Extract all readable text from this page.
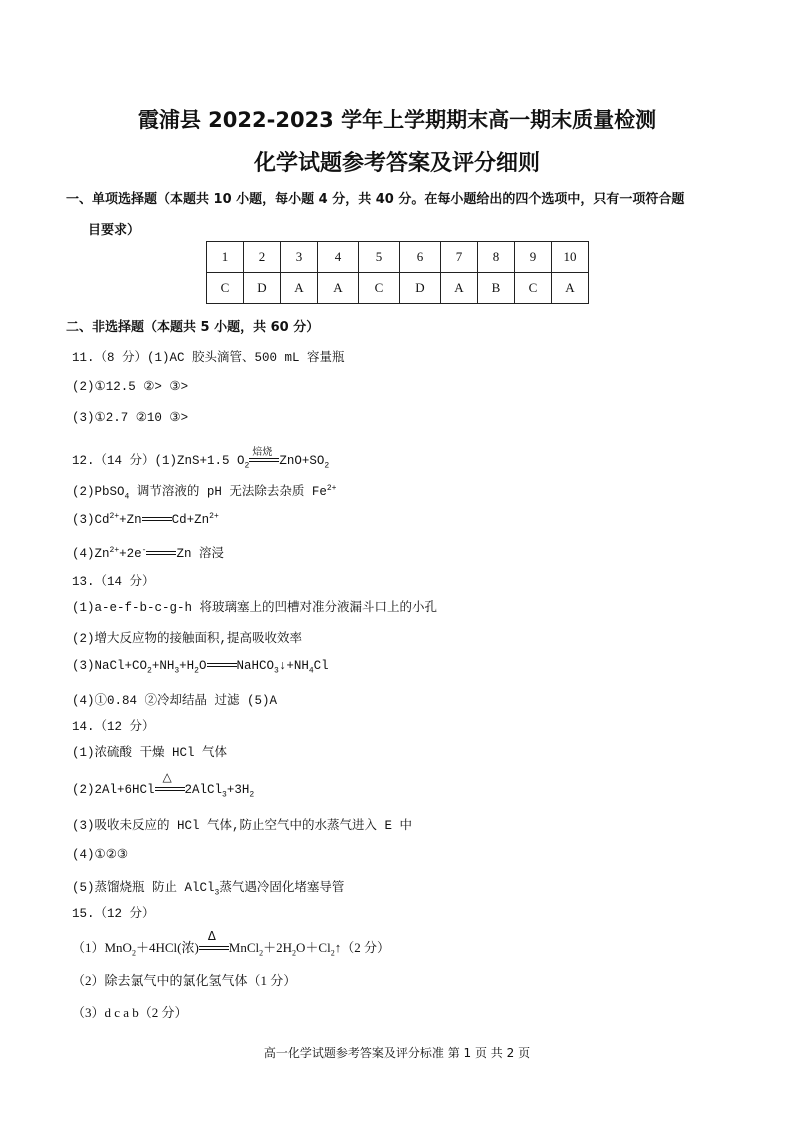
霞浦县 2022-2023 学年上学期期末高一期末质量检测
化学试题参考答案及评分细则
一、单项选择题（本题共 10 小题，每小题 4 分，共 40 分。在每小题给出的四个选项中，只有一项符合题
目要求）
1	2	3	4	5	6	7	8	9	10
C	D	A	A	C	D	A	B	C	A
二、非选择题（本题共 5 小题，共 60 分）
11.（8 分）(1)AC 胶头滴管、500 mL 容量瓶
(2)①12.5 ②> ③>
(3)①2.7 ②10 ③>
12.（14 分）(1)ZnS+1.5 $O_2$
焙烧
$ZnO+SO_2$
(2)PbSO$_4$ 调节溶液的 pH 无法除去杂质 $Fe^{2+}$
$(3)Cd^{2+}+Zn$ $Cd+Zn^{2+}$
$(4)Zn^{2+}+2e^-$ Zn 溶浸
13.（14 分）
(1)a-e-f-b-c-g-h 将玻璃塞上的凹槽对准分液漏斗口上的小孔
(2)增大反应物的接触面积,提高吸收效率
$(3)NaCl+CO_2+NH_3+H_2O$ $NaHCO_3↓+NH_4Cl$
(4)①0.84 ②冷却结晶 过滤 (5)A
14.（12 分）
(1)浓硫酸 干燥 HCl 气体
(2)2Al+6HCl
△
$2AlCl_3+3H_2$
(3)吸收未反应的 HCl 气体,防止空气中的水蒸气进入 E 中
(4)①②③
(5)蒸馏烧瓶 防止 AlCl$_3$蒸气遇冷固化堵塞导管
15.（12 分）
（1）MnO$_2$＋4HCl(浓)
Δ
$MnCl_2+2H_2O+Cl_2↑(2$ 分）
（2）除去氯气中的氯化氢气体（1 分）
（3）d c a b（2 分）
高一化学试题参考答案及评分标准 第 1 页 共 2 页
